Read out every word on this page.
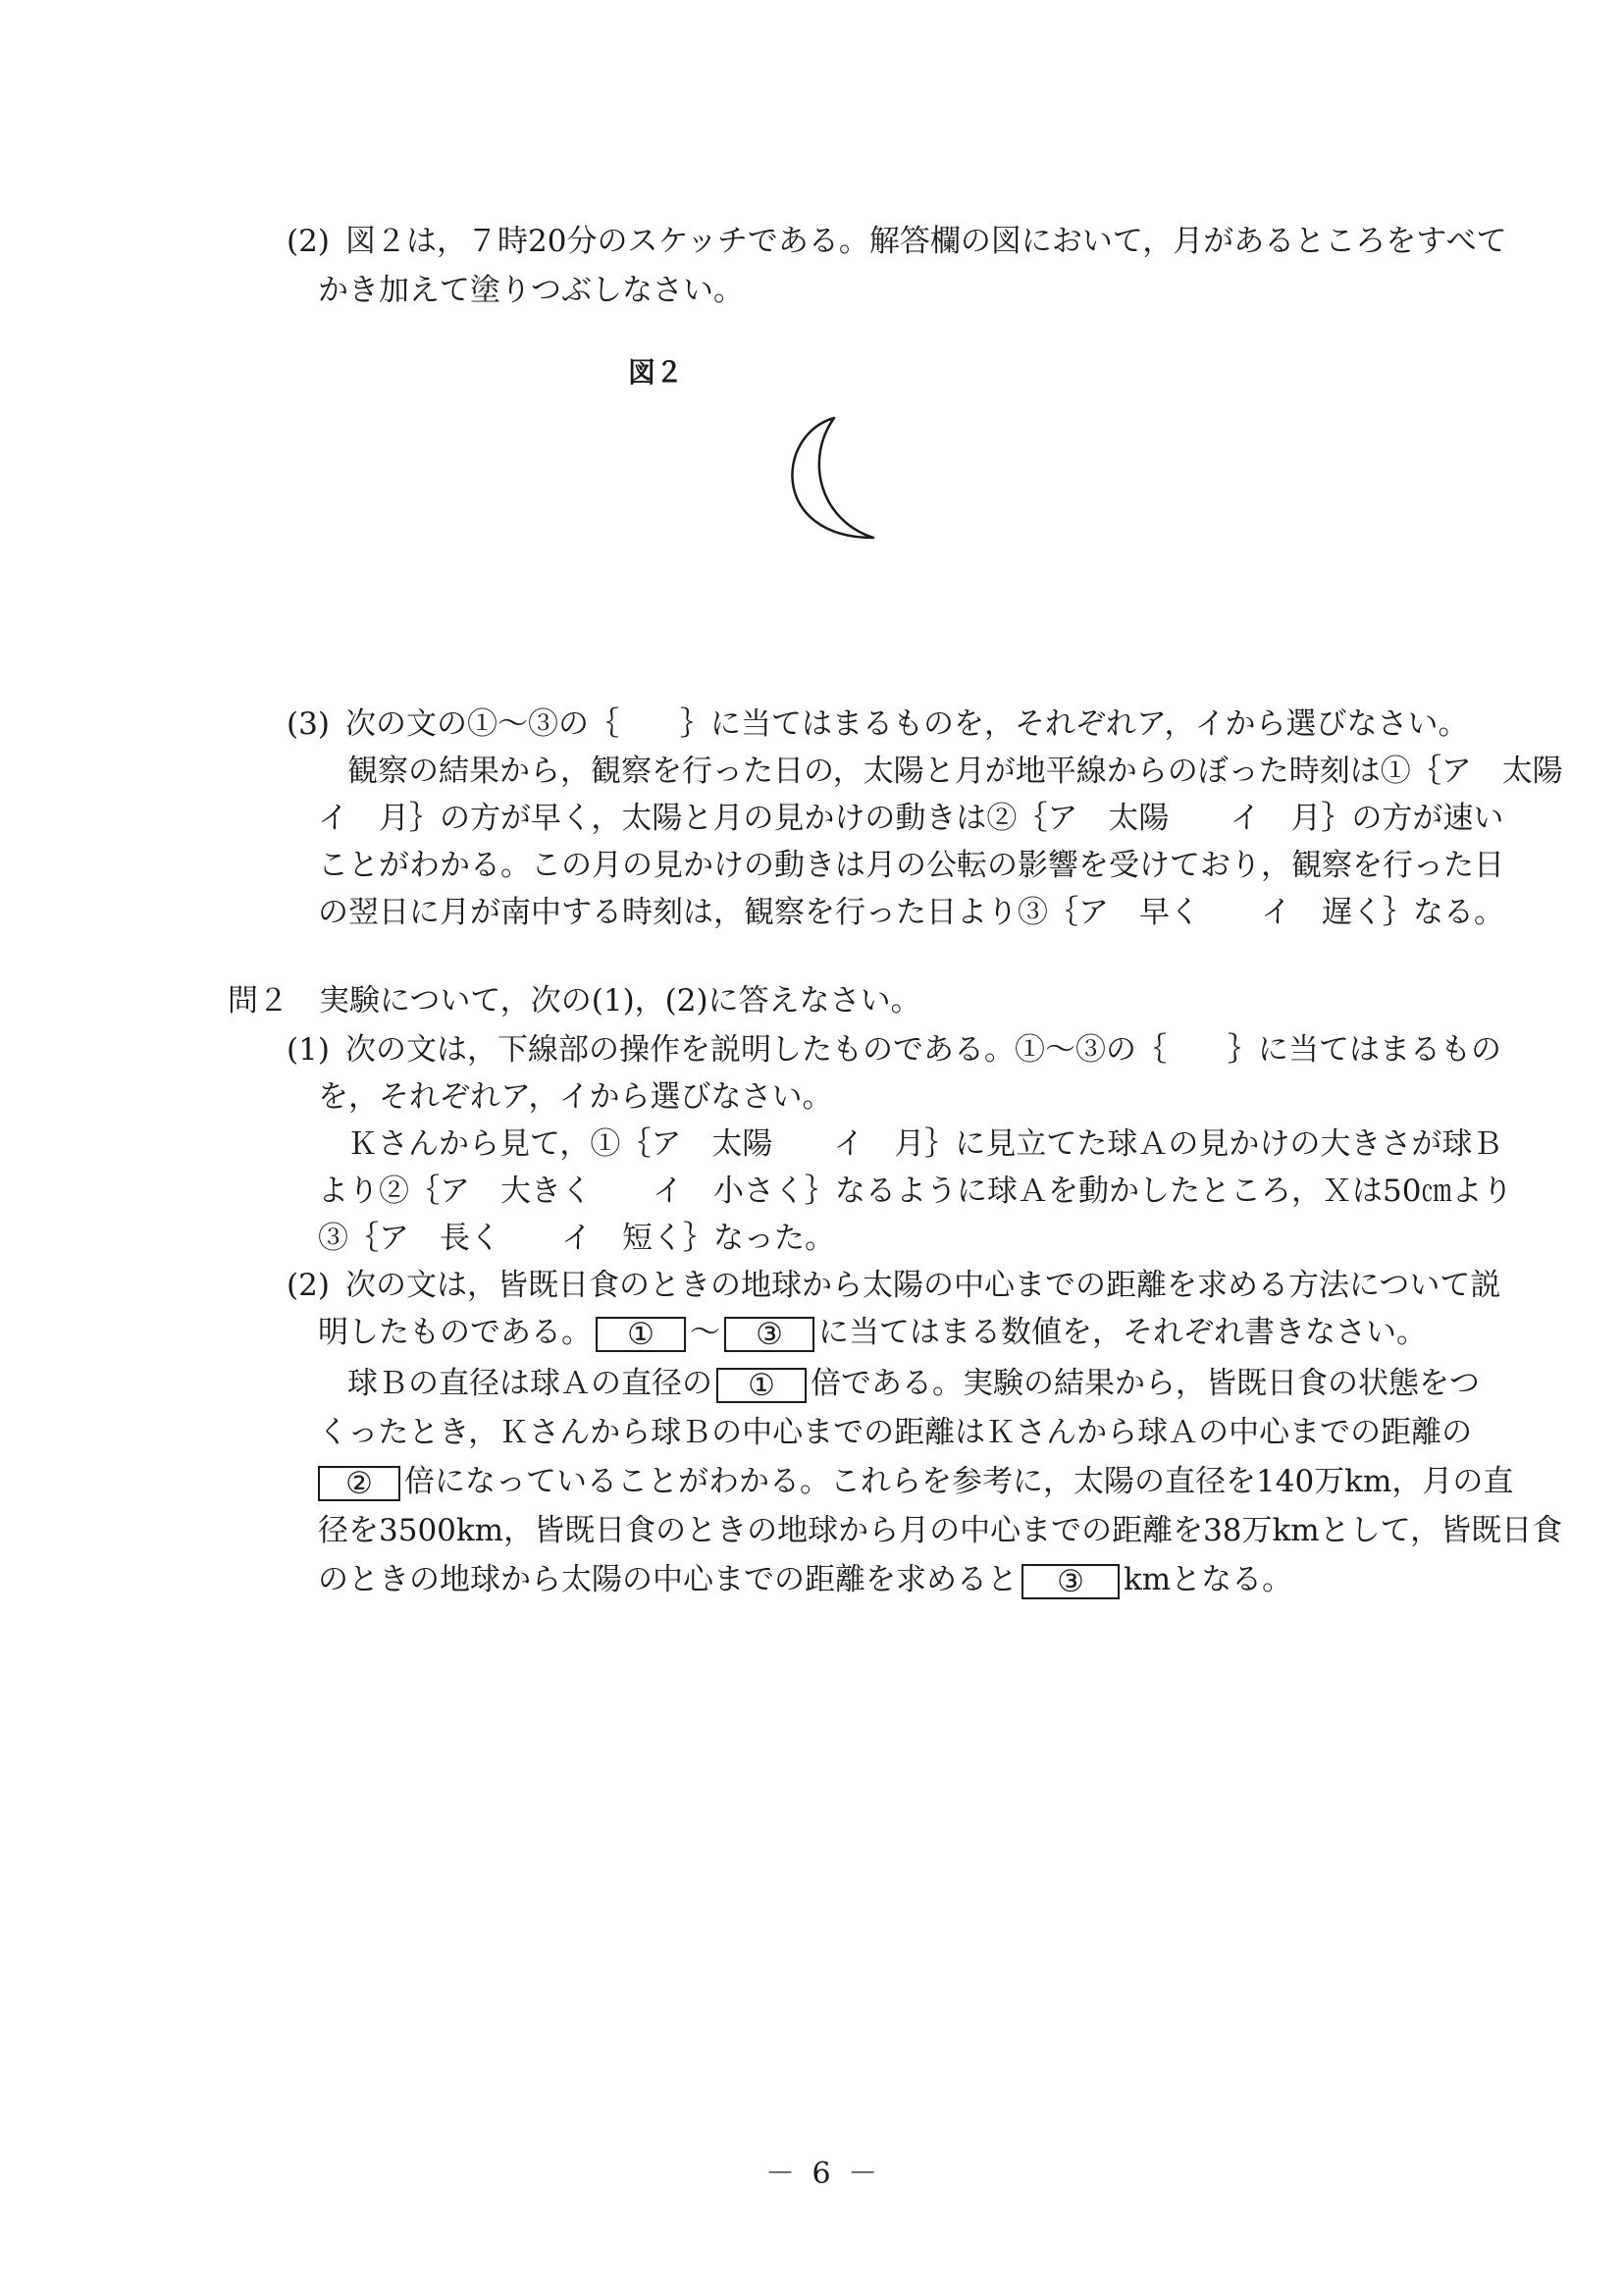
(2) 図２は，７時20分のスケッチである。解答欄の図において，月があるところをすべて
かき加えて塗りつぶしなさい。
図２
(3) 次の文の①～③の｛　　｝に当てはまるものを，それぞれア，イから選びなさい。
観察の結果から，観察を行った日の，太陽と月が地平線からのぼった時刻は①｛ア　太陽
イ　月｝の方が早く，太陽と月の見かけの動きは②｛ア　太陽　　イ　月｝の方が速い
ことがわかる。この月の見かけの動きは月の公転の影響を受けており，観察を行った日
の翌日に月が南中する時刻は，観察を行った日より③｛ア　早く　　イ　遅く｝なる。
問２　実験について，次の(1)，(2)に答えなさい。
(1) 次の文は，下線部の操作を説明したものである。①～③の｛　　｝に当てはまるもの
を，それぞれア，イから選びなさい。
Ｋさんから見て，①｛ア　太陽　　イ　月｝に見立てた球Ａの見かけの大きさが球Ｂ
より②｛ア　大きく　　イ　小さく｝なるように球Ａを動かしたところ，Ｘは50㎝より
③｛ア　長く　　イ　短く｝なった。
(2) 次の文は，皆既日食のときの地球から太陽の中心までの距離を求める方法について説
明したものである。 ① ～ ③ に当てはまる数値を，それぞれ書きなさい。
球Ｂの直径は球Ａの直径の ① 倍である。実験の結果から，皆既日食の状態をつ
くったとき，Ｋさんから球Ｂの中心までの距離はＫさんから球Ａの中心までの距離の
② 倍になっていることがわかる。これらを参考に，太陽の直径を140万km，月の直
径を3500km，皆既日食のときの地球から月の中心までの距離を38万kmとして，皆既日食
のときの地球から太陽の中心までの距離を求めると ③ kmとなる。
－ 6 －
